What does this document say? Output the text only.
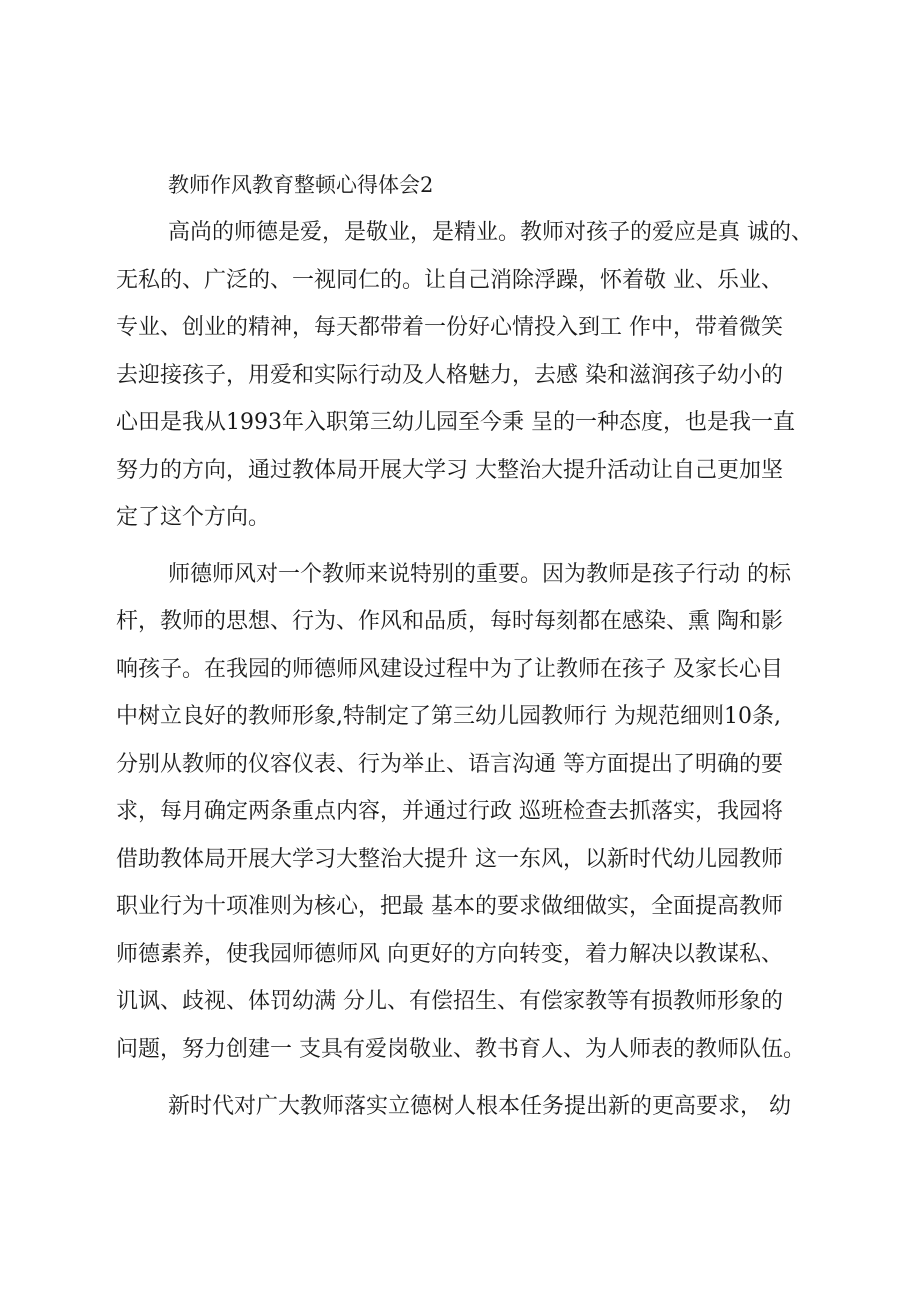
教师作风教育整顿心得体会2
高尚的师德是爱，是敬业，是精业。教师对孩子的爱应是真 诚的、
无私的、广泛的、一视同仁的。让自己消除浮躁，怀着敬 业、乐业、
专业、创业的精神，每天都带着一份好心情投入到工 作中，带着微笑
去迎接孩子，用爱和实际行动及人格魅力，去感 染和滋润孩子幼小的
心田是我从1993年入职第三幼儿园至今秉 呈的一种态度，也是我一直
努力的方向，通过教体局开展大学习 大整治大提升活动让自己更加坚
定了这个方向。
师德师风对一个教师来说特别的重要。因为教师是孩子行动 的标
杆，教师的思想、行为、作风和品质，每时每刻都在感染、熏 陶和影
响孩子。在我园的师德师风建设过程中为了让教师在孩子 及家长心目
中树立良好的教师形象,特制定了第三幼儿园教师行 为规范细则10条,
分别从教师的仪容仪表、行为举止、语言沟通 等方面提出了明确的要
求，每月确定两条重点内容，并通过行政 巡班检查去抓落实，我园将
借助教体局开展大学习大整治大提升 这一东风，以新时代幼儿园教师
职业行为十项准则为核心，把最 基本的要求做细做实，全面提高教师
师德素养，使我园师德师风 向更好的方向转变，着力解决以教谋私、
讥讽、歧视、体罚幼满 分儿、有偿招生、有偿家教等有损教师形象的
问题，努力创建一 支具有爱岗敬业、教书育人、为人师表的教师队伍。
新时代对广大教师落实立德树人根本任务提出新的更高要求， 幼
